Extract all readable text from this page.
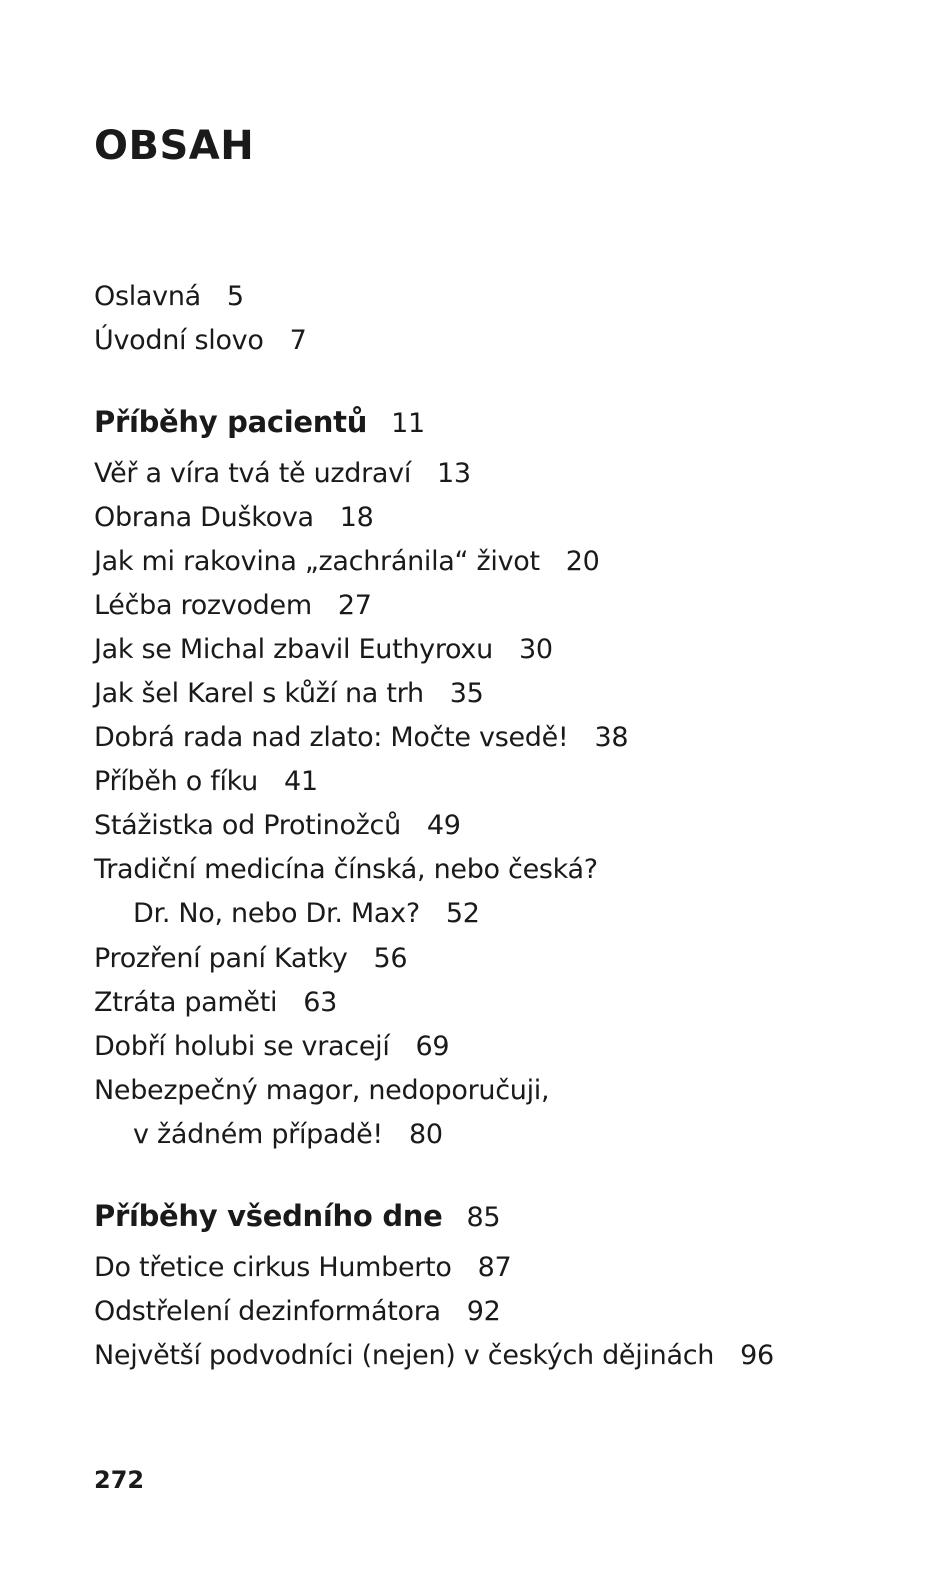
OBSAH
Oslavná 5
Úvodní slovo 7
Příběhy pacientů 11
Věř a víra tvá tě uzdraví 13
Obrana Duškova 18
Jak mi rakovina „zachránila“ život 20
Léčba rozvodem 27
Jak se Michal zbavil Euthyroxu 30
Jak šel Karel s kůží na trh 35
Dobrá rada nad zlato: Močte vsedě! 38
Příběh o fíku 41
Stážistka od Protinožců 49
Tradiční medicína čínská, nebo česká?
Dr. No, nebo Dr. Max? 52
Prozření paní Katky 56
Ztráta paměti 63
Dobří holubi se vracejí 69
Nebezpečný magor, nedoporučuji,
v žádném případě! 80
Příběhy všedního dne 85
Do třetice cirkus Humberto 87
Odstřelení dezinformátora 92
Největší podvodníci (nejen) v českých dějinách 96
272
